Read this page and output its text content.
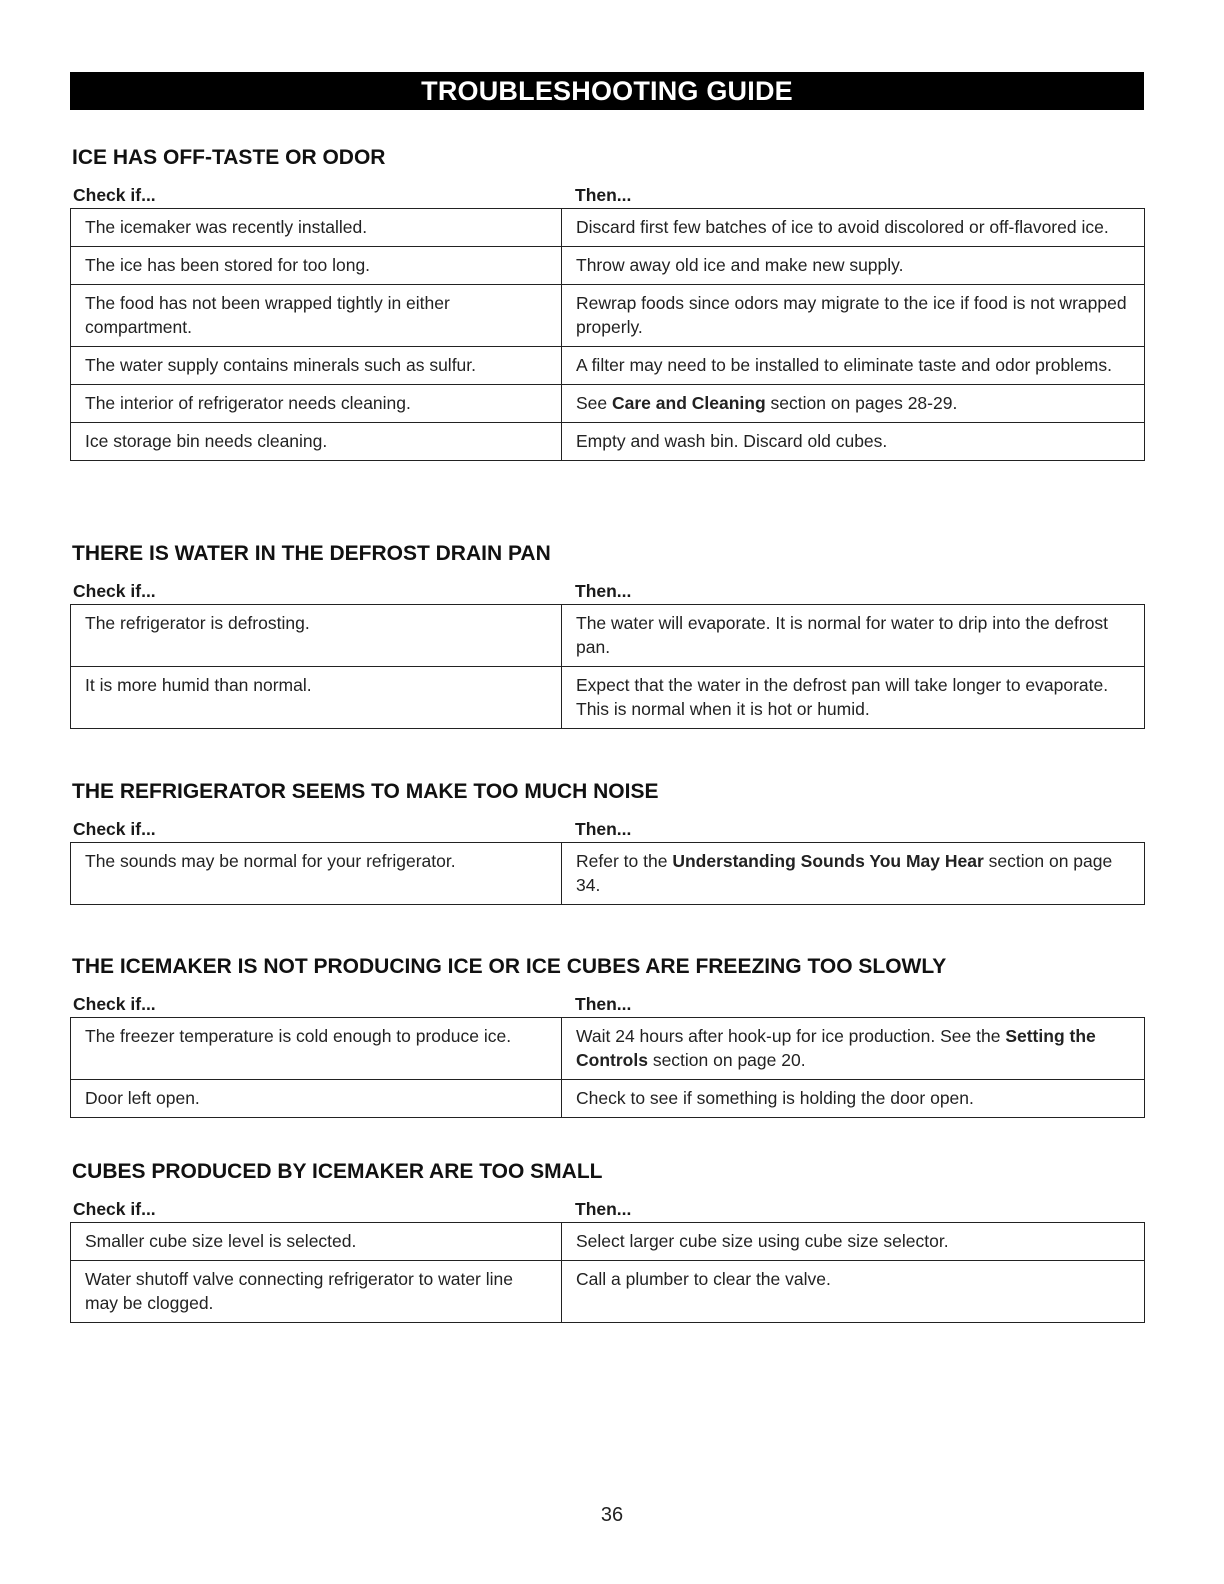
TROUBLESHOOTING GUIDE
ICE HAS OFF-TASTE OR ODOR
Check if...	Then...
The icemaker was recently installed.	Discard first few batches of ice to avoid discolored or off-flavored ice.
The ice has been stored for too long.	Throw away old ice and make new supply.
The food has not been wrapped tightly in either compartment.	Rewrap foods since odors may migrate to the ice if food is not wrapped properly.
The water supply contains minerals such as sulfur.	A filter may need to be installed to eliminate taste and odor problems.
The interior of refrigerator needs cleaning.	See Care and Cleaning section on pages 28-29.
Ice storage bin needs cleaning.	Empty and wash bin. Discard old cubes.
THERE IS WATER IN THE DEFROST DRAIN PAN
Check if...	Then...
The refrigerator is defrosting.	The water will evaporate. It is normal for water to drip into the defrost pan.
It is more humid than normal.	Expect that the water in the defrost pan will take longer to evaporate. This is normal when it is hot or humid.
THE REFRIGERATOR SEEMS TO MAKE TOO MUCH NOISE
Check if...	Then...
The sounds may be normal for your refrigerator.	Refer to the Understanding Sounds You May Hear section on page 34.
THE ICEMAKER IS NOT PRODUCING ICE OR ICE CUBES ARE FREEZING TOO SLOWLY
Check if...	Then...
The freezer temperature is cold enough to produce ice.	Wait 24 hours after hook-up for ice production. See the Setting the Controls section on page 20.
Door left open.	Check to see if something is holding the door open.
CUBES PRODUCED BY ICEMAKER ARE TOO SMALL
Check if...	Then...
Smaller cube size level is selected.	Select larger cube size using cube size selector.
Water shutoff valve connecting refrigerator to water line may be clogged.	Call a plumber to clear the valve.
36
